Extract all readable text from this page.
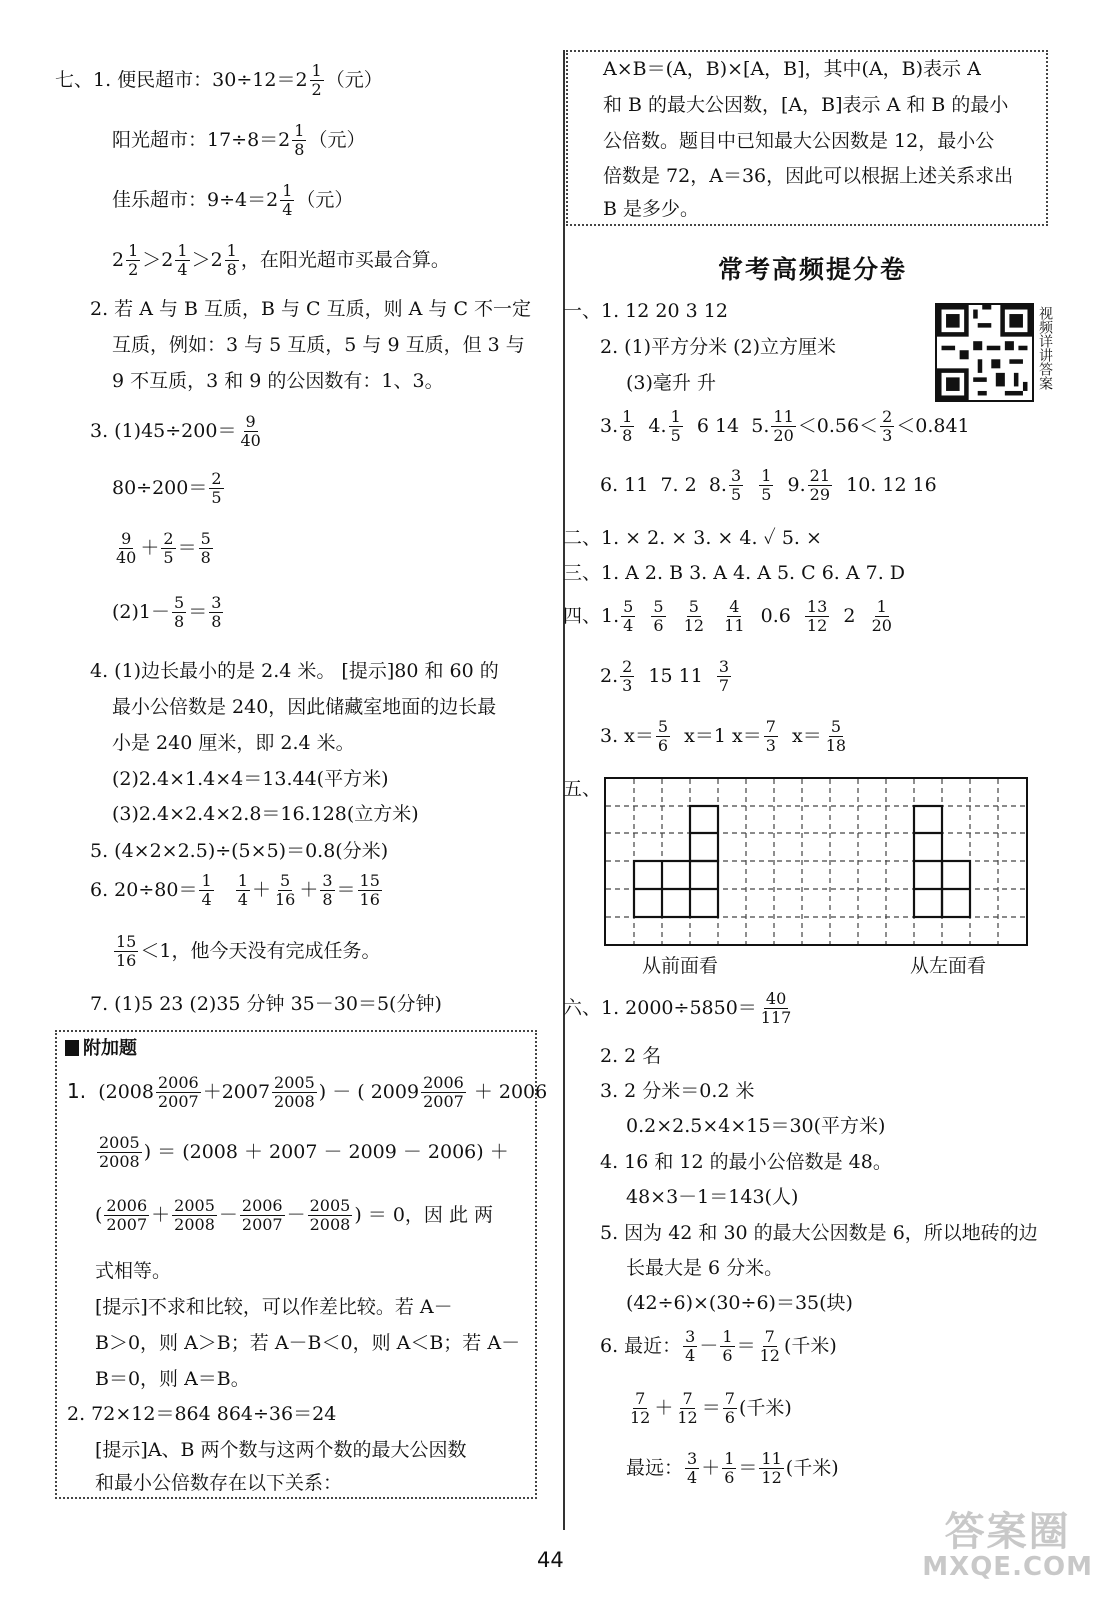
七、1. 便民超市：$30\div 12=2 \frac{1}{2}$ （元）
阳光超市：$17\div 8=2 \frac{1}{8}$ （元）
佳乐超市：$9\div 4=2 \frac{1}{4}$ （元）
$2 \frac{1}{2} >2 \frac{1}{4} >2 \frac{1}{8}$ ，在阳光超市买最合算。
2. 若 A 与 B 互质，B 与 C 互质，则 A 与 C 不一定
互质，例如：3 与 5 互质，5 与 9 互质，但 3 与
9 不互质，3 和 9 的公因数有：1、3。
3. $(1)45\div 200= \frac{9}{40}$
$80\div 200= \frac{2}{5}$
$\frac{9}{40} + \frac{2}{5} = \frac{5}{8}$
$(2)1- \frac{5}{8} = \frac{3}{8}$
4. (1)边长最小的是 2.4 米。 [提示]80 和 60 的
最小公倍数是 240，因此储藏室地面的边长最
小是 240 厘米，即 2.4 米。
(2)2.4×1.4×4＝13.44(平方米)
(3)2.4×2.4×2.8＝16.128(立方米)
5. (4×2×2.5)÷(5×5)＝0.8(分米)
6. $20\div 80= \frac{1}{4}$
$\frac{1}{4} + \frac{5}{16} + \frac{3}{8} = \frac{15}{16}$
$\frac{15}{16} <1$，他今天没有完成任务。
7. (1)5 23 (2)35 分钟 35－30＝5(分钟)
附加题
1. ($2008 \frac{2006}{2007} +2007 \frac{2005}{2008}$ ) － ( $2009 \frac{2006}{2007} + 2006$
$\frac{2005}{2008}$ ) ＝ (2008 ＋ 2007 － 2009 － 2006) ＋
( $\frac{2006}{2007} + \frac{2005}{2008} - \frac{2006}{2007} - \frac{2005}{2008}$ ) ＝ 0，因 此 两
式相等。
[提示]不求和比较，可以作差比较。若 A－
B＞0，则 A＞B；若 A－B＜0，则 A＜B；若 A－
B＝0，则 A＝B。
2. 72×12＝864 864÷36＝24
[提示]A、B 两个数与这两个数的最大公因数
和最小公倍数存在以下关系：
A×B＝(A，B)×[A，B]，其中(A，B)表示 A
和 B 的最大公因数，[A，B]表示 A 和 B 的最小
公倍数。题目中已知最大公因数是 12，最小公
倍数是 72，A＝36，因此可以根据上述关系求出
B 是多少。
常考高频提分卷
视频详讲答案
一、1. 12 20 3 12
2. (1)平方分米 (2)立方厘米
(3)毫升 升
3. $\frac{1}{8} 4$. $\frac{1}{5} 6$ 14 5. $\frac{11}{20} <0.56< \frac{2}{3} <0.841$
6. 11 7. 2 8. $\frac{3}{5}$
$\frac{1}{5} 9$. $\frac{21}{29} 10$. 12 16
二、1. × 2. × 3. × 4. ✓ 5. ×
三、1. A 2. B 3. A 4. A 5. C 6. A 7. D
四、1. $\frac{5}{4}$
$\frac{5}{6}$
$\frac{5}{12}$
$\frac{4}{11} 0.6 \frac{13}{12} 2 \frac{1}{20}$
2. $\frac{2}{3} 15$ $11 \frac{3}{7}$
3. $x= \frac{5}{6} x=1$ $x= \frac{7}{3} x= \frac{5}{18}$
五、
从前面看	从左面看
六、1. $2000\div 5850= \frac{40}{117}$
2. 2 名
3. 2 分米＝0.2 米
0.2×2.5×4×15＝30(平方米)
4. 16 和 12 的最小公倍数是 48。
48×3－1＝143(人)
5. 因为 42 和 30 的最大公因数是 6，所以地砖的边
长最大是 6 分米。
(42÷6)×(30÷6)＝35(块)
6. 最近： $\frac{3}{4} - \frac{1}{6} = \frac{7}{12}$ (千米)
$\frac{7}{12} + \frac{7}{12} = \frac{7}{6}$ (千米)
最远： $\frac{3}{4} + \frac{1}{6} = \frac{11}{12}$ (千米)
44
答案圈
MXQE.COM
